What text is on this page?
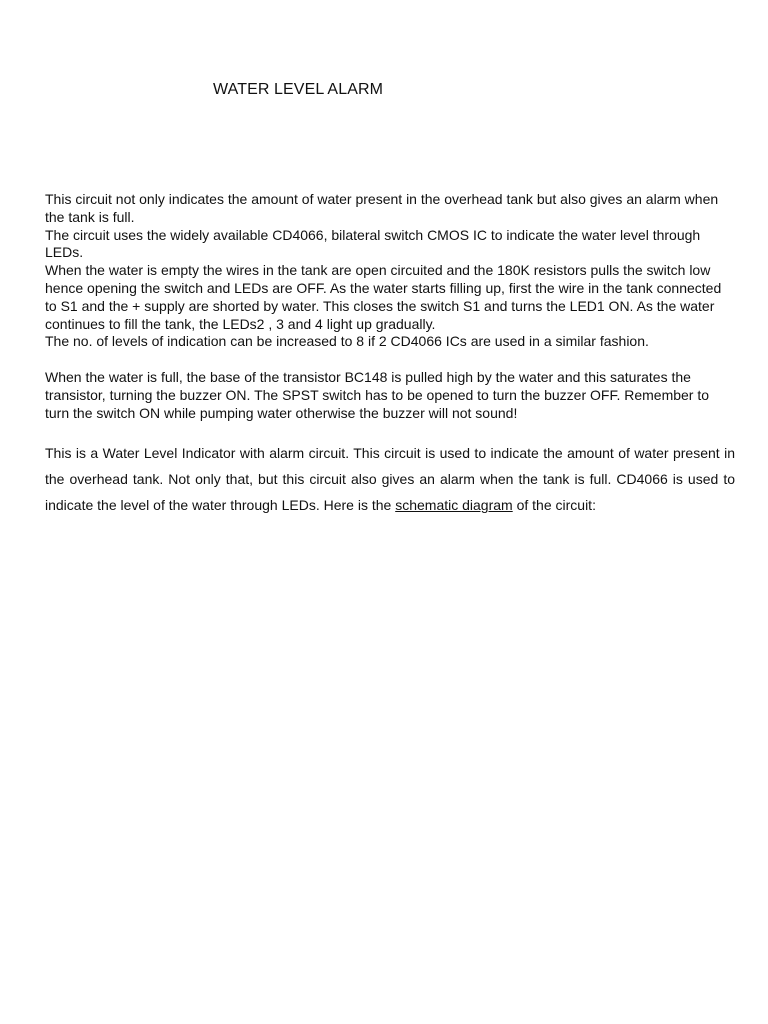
WATER LEVEL ALARM

This circuit not only indicates the amount of water present in the overhead tank but also gives an alarm when the tank is full.

The circuit uses the widely available CD4066, bilateral switch CMOS IC to indicate the water level through LEDs.

When the water is empty the wires in the tank are open circuited and the 180K resistors pulls the switch low hence opening the switch and LEDs are OFF. As the water starts filling up, first the wire in the tank connected to S1 and the + supply are shorted by water. This closes the switch S1 and turns the LED1 ON. As the water continues to fill the tank, the LEDs2 , 3 and 4 light up gradually.

The no. of levels of indication can be increased to 8 if 2 CD4066 ICs are used in a similar fashion.

When the water is full, the base of the transistor BC148 is pulled high by the water and this saturates the transistor, turning the buzzer ON. The SPST switch has to be opened to turn the buzzer OFF. Remember to turn the switch ON while pumping water otherwise the buzzer will not sound!

This is a Water Level Indicator with alarm circuit. This circuit is used to indicate the amount of water present in the overhead tank. Not only that, but this circuit also gives an alarm when the tank is full. CD4066 is used to indicate the level of the water through LEDs. Here is the schematic diagram of the circuit:
